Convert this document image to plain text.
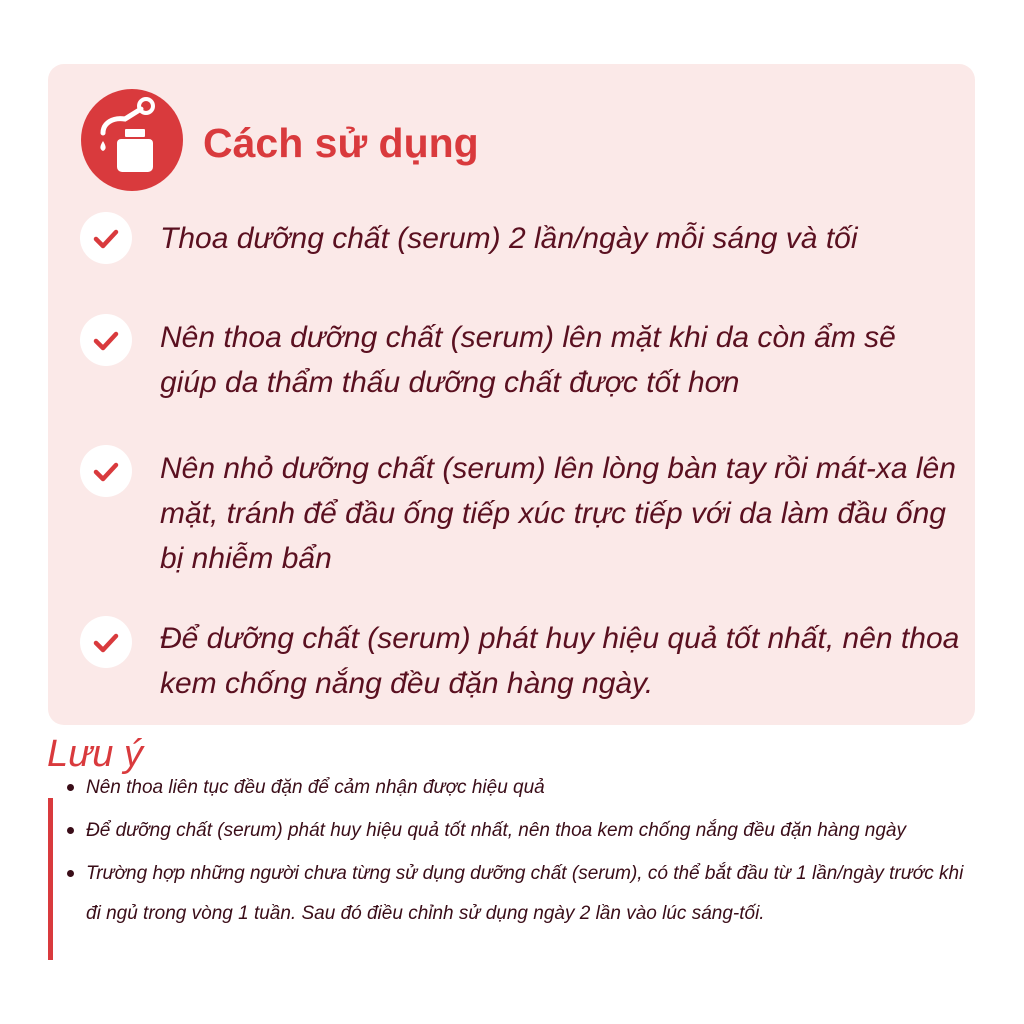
Cách sử dụng
Thoa dưỡng chất (serum) 2 lần/ngày mỗi sáng và tối
Nên thoa dưỡng chất (serum) lên mặt khi da còn ẩm sẽ giúp da thẩm thấu dưỡng chất được tốt hơn
Nên nhỏ dưỡng chất (serum) lên lòng bàn tay rồi mát-xa lên mặt, tránh để đầu ống tiếp xúc trực tiếp với da làm đầu ống bị nhiễm bẩn
Để dưỡng chất (serum) phát huy hiệu quả tốt nhất, nên thoa kem chống nắng đều đặn hàng ngày.
Lưu ý
Nên thoa liên tục đều đặn để cảm nhận được hiệu quả
Để dưỡng chất (serum) phát huy hiệu quả tốt nhất, nên thoa kem chống nắng đều đặn hàng ngày
Trường hợp những người chưa từng sử dụng dưỡng chất (serum), có thể bắt đầu từ 1 lần/ngày trước khi đi ngủ trong vòng 1 tuần. Sau đó điều chỉnh sử dụng ngày 2 lần vào lúc sáng-tối.
